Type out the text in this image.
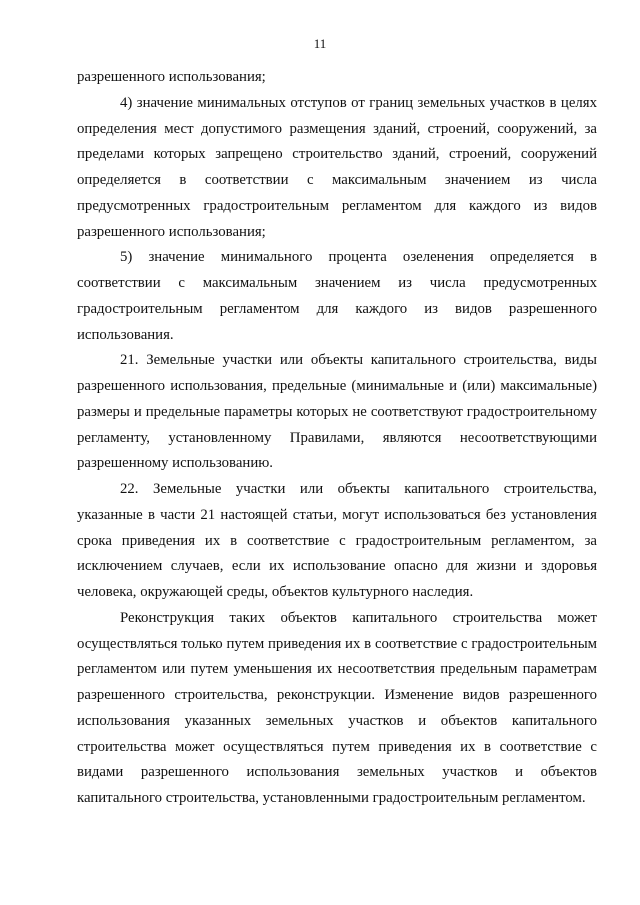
11

разрешенного использования;

4) значение минимальных отступов от границ земельных участков в целях определения мест допустимого размещения зданий, строений, сооружений, за пределами которых запрещено строительство зданий, строений, сооружений определяется в соответствии с максимальным значением из числа предусмотренных градостроительным регламентом для каждого из видов разрешенного использования;

5) значение минимального процента озеленения определяется в соответствии с максимальным значением из числа предусмотренных градостроительным регламентом для каждого из видов разрешенного использования.

21. Земельные участки или объекты капитального строительства, виды разрешенного использования, предельные (минимальные и (или) максимальные) размеры и предельные параметры которых не соответствуют градостроительному регламенту, установленному Правилами, являются несоответствующими разрешенному использованию.

22. Земельные участки или объекты капитального строительства, указанные в части 21 настоящей статьи, могут использоваться без установления срока приведения их в соответствие с градостроительным регламентом, за исключением случаев, если их использование опасно для жизни и здоровья человека, окружающей среды, объектов культурного наследия.

Реконструкция таких объектов капитального строительства может осуществляться только путем приведения их в соответствие с градостроительным регламентом или путем уменьшения их несоответствия предельным параметрам разрешенного строительства, реконструкции. Изменение видов разрешенного использования указанных земельных участков и объектов капитального строительства может осуществляться путем приведения их в соответствие с видами разрешенного использования земельных участков и объектов капитального строительства, установленными градостроительным регламентом.
